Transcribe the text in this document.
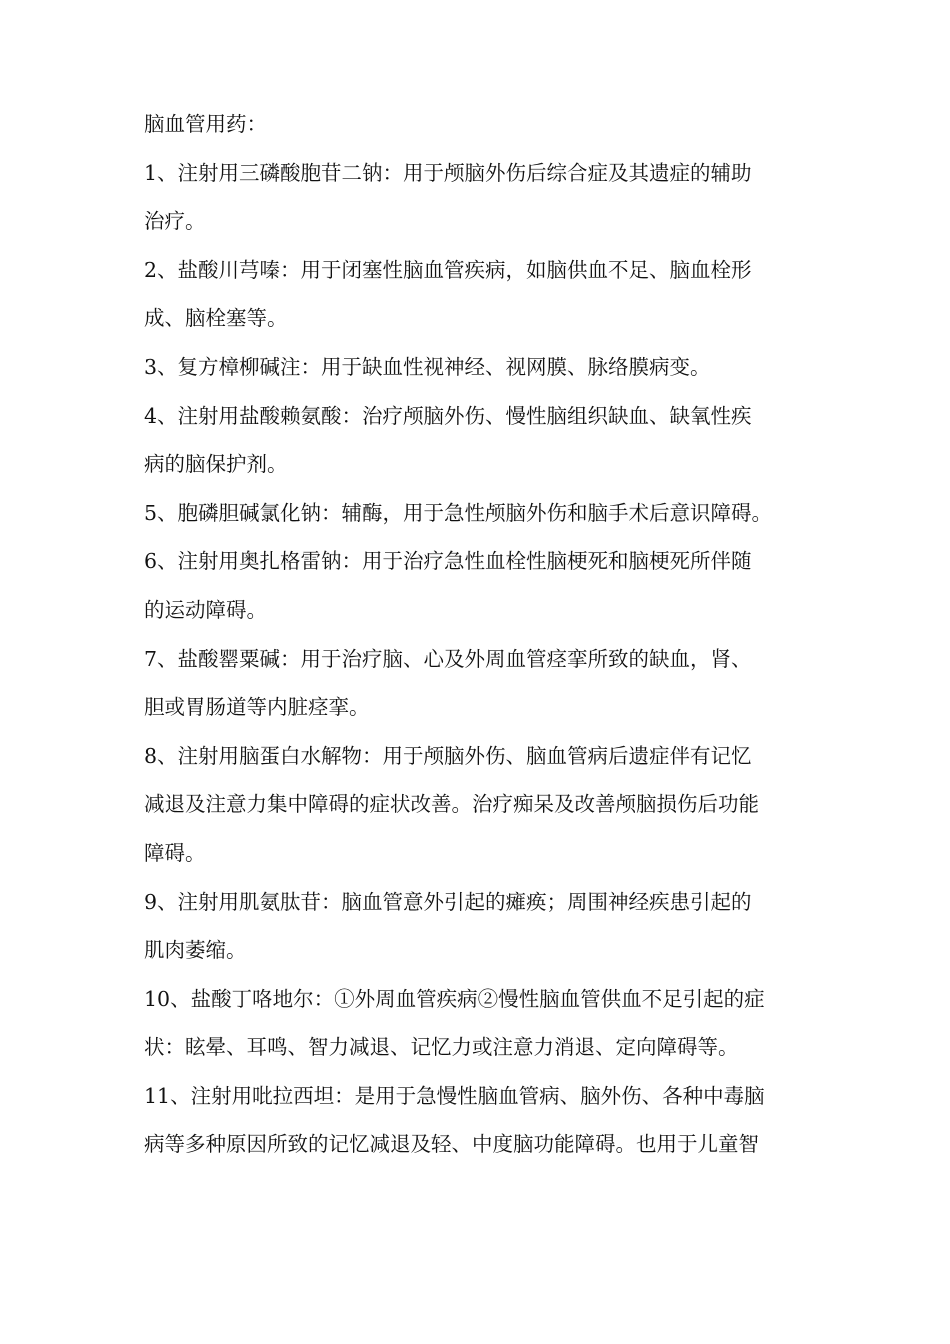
脑血管用药：
1、注射用三磷酸胞苷二钠：用于颅脑外伤后综合症及其遗症的辅助
治疗。
2、盐酸川芎嗪：用于闭塞性脑血管疾病，如脑供血不足、脑血栓形
成、脑栓塞等。
3、复方樟柳碱注：用于缺血性视神经、视网膜、脉络膜病变。
4、注射用盐酸赖氨酸：治疗颅脑外伤、慢性脑组织缺血、缺氧性疾
病的脑保护剂。
5、胞磷胆碱氯化钠：辅酶，用于急性颅脑外伤和脑手术后意识障碍。
6、注射用奥扎格雷钠：用于治疗急性血栓性脑梗死和脑梗死所伴随
的运动障碍。
7、盐酸罂粟碱：用于治疗脑、心及外周血管痉挛所致的缺血，肾、
胆或胃肠道等内脏痉挛。
8、注射用脑蛋白水解物：用于颅脑外伤、脑血管病后遗症伴有记忆
减退及注意力集中障碍的症状改善。治疗痴呆及改善颅脑损伤后功能
障碍。
9、注射用肌氨肽苷：脑血管意外引起的瘫痪；周围神经疾患引起的
肌肉萎缩。
10、盐酸丁咯地尔：①外周血管疾病②慢性脑血管供血不足引起的症
状：眩晕、耳鸣、智力减退、记忆力或注意力消退、定向障碍等。
11、注射用吡拉西坦：是用于急慢性脑血管病、脑外伤、各种中毒脑
病等多种原因所致的记忆减退及轻、中度脑功能障碍。也用于儿童智
